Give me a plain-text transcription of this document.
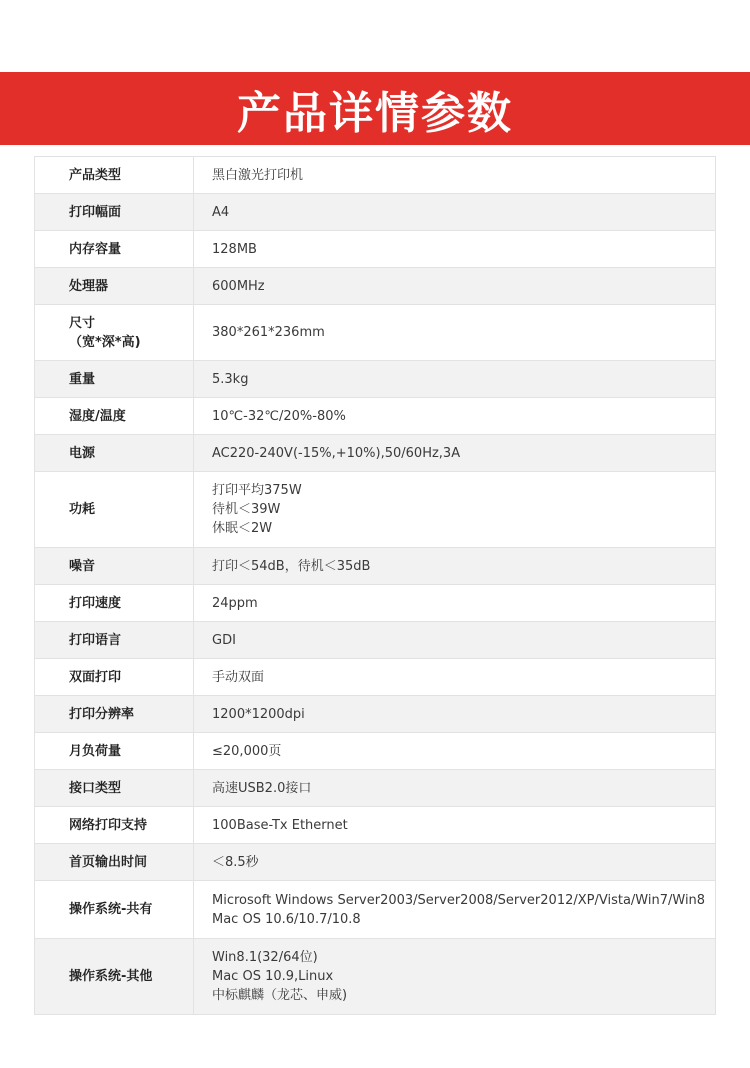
产品详情参数
产品类型	黑白激光打印机

打印幅面	A4

内存容量	128MB

处理器	600MHz

尺寸
（宽*深*高)	380*261*236mm

重量	5.3kg

湿度/温度	10℃-32℃/20%-80%

电源	AC220-240V(-15%,+10%),50/60Hz,3A

功耗	打印平均375W
待机＜39W
休眠＜2W

噪音	打印＜54dB，待机＜35dB

打印速度	24ppm

打印语言	GDI

双面打印	手动双面

打印分辨率	1200*1200dpi

月负荷量	≤20,000页

接口类型	高速USB2.0接口

网络打印支持	100Base-Tx Ethernet

首页输出时间	＜8.5秒

操作系统-共有	Microsoft Windows Server2003/Server2008/Server2012/XP/Vista/Win7/Win8
Mac OS 10.6/10.7/10.8

操作系统-其他	Win8.1(32/64位)
Mac OS 10.9,Linux
中标麒麟（龙芯、申威)
